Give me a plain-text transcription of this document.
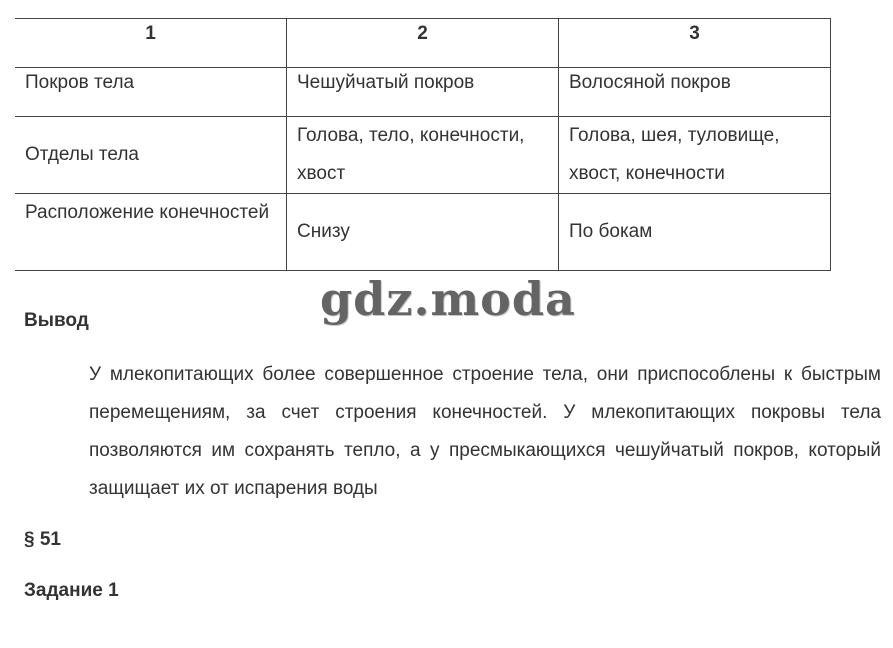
1	2	3
Покров тела	Чешуйчатый покров	Волосяной покров
Отделы тела	Голова, тело, конечности, хвост	Голова, шея, туловище, хвост, конечности
Расположение конечностей	Снизу	По бокам
gdz.moda
Вывод
У млекопитающих более совершенное строение тела, они приспособлены к быстрым перемещениям, за счет строения конечностей. У млекопитающих покровы тела позволяются им сохранять тепло, а у пресмыкающихся чешуйчатый покров, который защищает их от испарения воды
§ 51
Задание 1
